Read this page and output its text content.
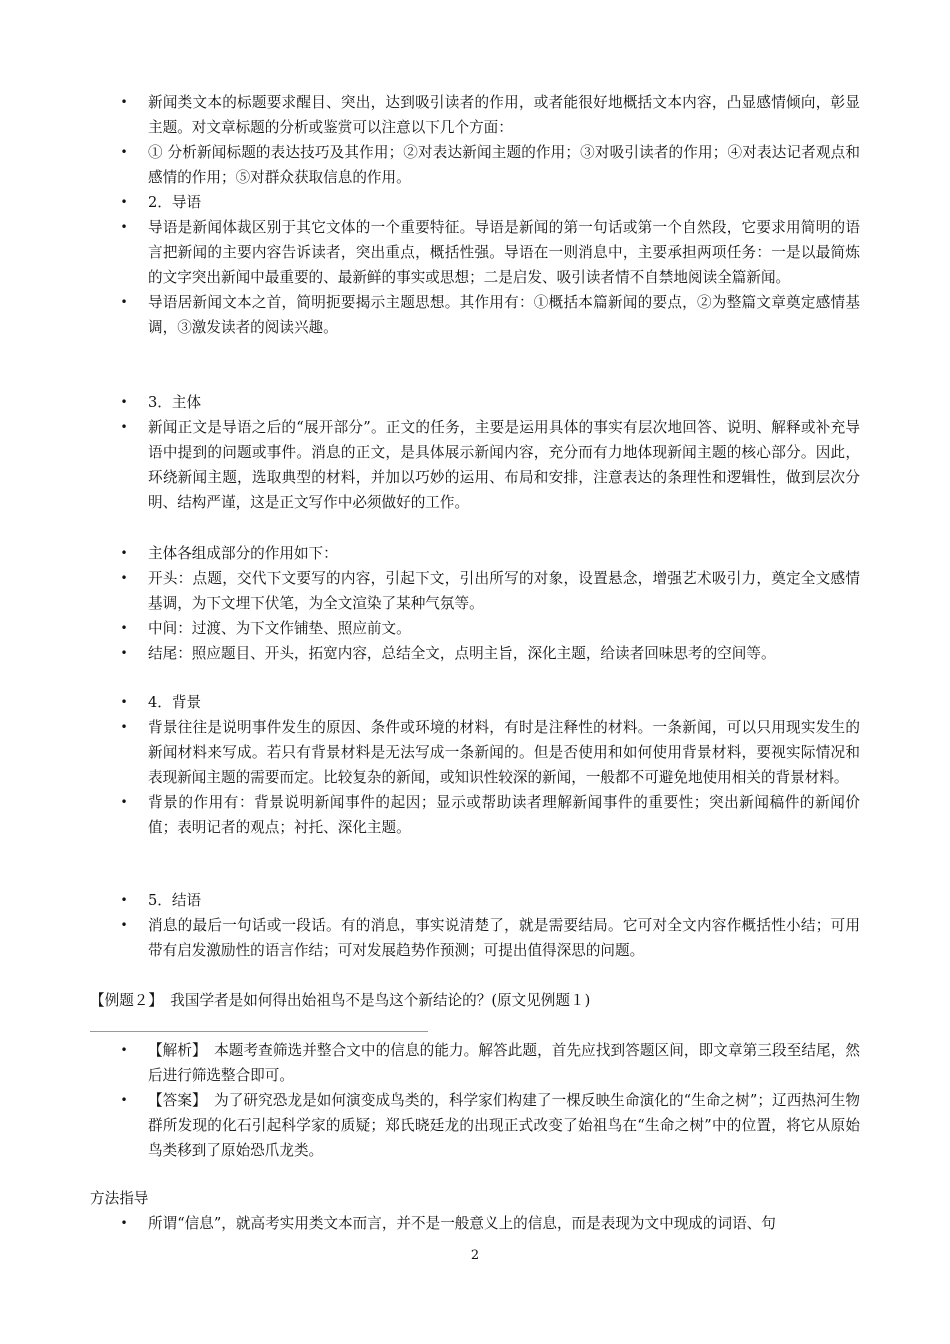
• 新闻类文本的标题要求醒目、突出，达到吸引读者的作用，或者能很好地概括文本内容，凸显感情倾向，彰显主题。对文章标题的分析或鉴赏可以注意以下几个方面：
• ① 分析新闻标题的表达技巧及其作用；②对表达新闻主题的作用；③对吸引读者的作用；④对表达记者观点和感情的作用；⑤对群众获取信息的作用。
• 2．导语
• 导语是新闻体裁区别于其它文体的一个重要特征。导语是新闻的第一句话或第一个自然段，它要求用简明的语言把新闻的主要内容告诉读者，突出重点，概括性强。导语在一则消息中，主要承担两项任务：一是以最简炼的文字突出新闻中最重要的、最新鲜的事实或思想；二是启发、吸引读者情不自禁地阅读全篇新闻。
• 导语居新闻文本之首，简明扼要揭示主题思想。其作用有：①概括本篇新闻的要点，②为整篇文章奠定感情基调，③激发读者的阅读兴趣。
• 3．主体
• 新闻正文是导语之后的“展开部分”。正文的任务，主要是运用具体的事实有层次地回答、说明、解释或补充导语中提到的问题或事件。消息的正文，是具体展示新闻内容，充分而有力地体现新闻主题的核心部分。因此，环绕新闻主题，选取典型的材料，并加以巧妙的运用、布局和安排，注意表达的条理性和逻辑性，做到层次分明、结构严谨，这是正文写作中必须做好的工作。
• 主体各组成部分的作用如下：
• 开头：点题，交代下文要写的内容，引起下文，引出所写的对象，设置悬念，增强艺术吸引力，奠定全文感情基调，为下文埋下伏笔，为全文渲染了某种气氛等。
• 中间：过渡、为下文作铺垫、照应前文。
• 结尾：照应题目、开头，拓宽内容，总结全文，点明主旨，深化主题，给读者回味思考的空间等。
• 4．背景
• 背景往往是说明事件发生的原因、条件或环境的材料，有时是注释性的材料。一条新闻，可以只用现实发生的新闻材料来写成。若只有背景材料是无法写成一条新闻的。但是否使用和如何使用背景材料，要视实际情况和表现新闻主题的需要而定。比较复杂的新闻，或知识性较深的新闻，一般都不可避免地使用相关的背景材料。
• 背景的作用有：背景说明新闻事件的起因；显示或帮助读者理解新闻事件的重要性；突出新闻稿件的新闻价值；表明记者的观点；衬托、深化主题。
• 5．结语
• 消息的最后一句话或一段话。有的消息，事实说清楚了，就是需要结局。它可对全文内容作概括性小结；可用带有启发激励性的语言作结；可对发展趋势作预测；可提出值得深思的问题。
【例题２】　我国学者是如何得出始祖鸟不是鸟这个新结论的？(原文见例题１)
• 【解析】　本题考查筛选并整合文中的信息的能力。解答此题，首先应找到答题区间，即文章第三段至结尾，然后进行筛选整合即可。
• 【答案】　为了研究恐龙是如何演变成鸟类的，科学家们构建了一棵反映生命演化的“生命之树”；辽西热河生物群所发现的化石引起科学家的质疑；郑氏晓廷龙的出现正式改变了始祖鸟在“生命之树”中的位置，将它从原始鸟类移到了原始恐爪龙类。
方法指导
• 所谓“信息”，就高考实用类文本而言，并不是一般意义上的信息，而是表现为文中现成的词语、句
2
